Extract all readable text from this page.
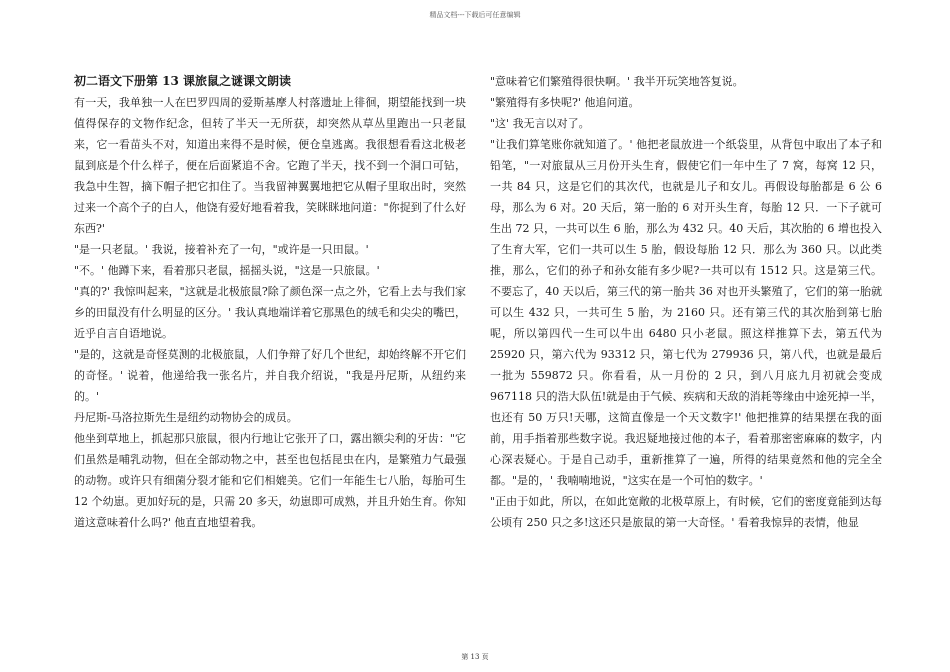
精品文档---下载后可任意编辑
初二语文下册第 13 课旅鼠之谜课文朗读

有一天，我单独一人在巴罗四周的爱斯基摩人村落遗址上徘徊，期望能找到一块值得保存的文物作纪念，但转了半天一无所获，却突然从草丛里跑出一只老鼠来，它一看苗头不对，知道出来得不是时候，便仓皇逃离。我很想看看这北极老鼠到底是个什么样子，便在后面紧追不舍。它跑了半天，找不到一个洞口可钻，我急中生智，摘下帽子把它扣住了。当我留神翼翼地把它从帽子里取出时，突然过来一个高个子的白人，他饶有爱好地看着我，笑眯眯地问道："你捉到了什么好东西?'

"是一只老鼠。' 我说，接着补充了一句，"或许是一只田鼠。'

"不。' 他蹲下来，看着那只老鼠，摇摇头说，"这是一只旅鼠。'

"真的?' 我惊叫起来，"这就是北极旅鼠?除了颜色深一点之外，它看上去与我们家乡的田鼠没有什么明显的区分。' 我认真地端详着它那黑色的绒毛和尖尖的嘴巴，近乎自言自语地说。

"是的，这就是奇怪莫测的北极旅鼠，人们争辩了好几个世纪，却始终解不开它们的奇怪。' 说着，他递给我一张名片，并自我介绍说，"我是丹尼斯，从纽约来的。'

丹尼斯-马洛拉斯先生是纽约动物协会的成员。

他坐到草地上，抓起那只旅鼠，很内行地让它张开了口，露出额尖利的牙齿："它们虽然是哺乳动物，但在全部动物之中，甚至也包括昆虫在内，是繁殖力气最强的动物。或许只有细菌分裂才能和它们相媲美。它们一年能生七八胎，每胎可生 12 个幼崽。更加好玩的是，只需 20 多天，幼崽即可成熟，并且升始生育。你知道这意味着什么吗?' 他直直地望着我。

"意味着它们繁殖得很快啊。' 我半开玩笑地答复说。

"繁殖得有多快呢?' 他追问道。

"这' 我无言以对了。

"让我们算笔账你就知道了。' 他把老鼠放进一个纸袋里，从背包中取出了本子和铅笔，"一对旅鼠从三月份开头生育，假使它们一年中生了 7 窝，每窝 12 只，一共 84 只，这是它们的其次代，也就是儿子和女儿。再假设每胎都是 6 公 6 母，那么为 6 对。20 天后，第一胎的 6 对开头生育，每胎 12 只．一下子就可生出 72 只，一共可以生 6 胎，那么为 432 只。40 天后，其次胎的 6 增也投入了生育大军，它们一共可以生 5 胎，假设每胎 12 只．那么为 360 只。以此类推，那么，它们的孙子和孙女能有多少呢?一共可以有 1512 只。这是第三代。不要忘了，40 天以后，第三代的第一胎共 36 对也开头繁殖了，它们的第一胎就可以生 432 只，一共可生 5 胎，为 2160 只。还有第三代的其次胎到第七胎呢，所以第四代一生可以牛出 6480 只小老鼠。照这样推算下去，第五代为 25920 只，第六代为 93312 只，第七代为 279936 只，第八代，也就是最后一批为 559872 只。你看看，从一月份的 2 只，到八月底九月初就会变成 967118 只的浩大队伍!就是由于气候、疾病和天敌的消耗等缘由中途死掉一半，也还有 50 万只!天哪，这简直像是一个天文数字!' 他把推算的结果摆在我的面前，用手指着那些数字说。我迟疑地接过他的本子，看着那密密麻麻的数字，内心深表疑心。于是自己动手，重新推算了一遍，所得的结果竟然和他的完全全都。"是的，' 我喃喃地说，"这实在是一个可怕的数字。'

"正由于如此，所以，在如此宽敞的北极草原上，有时候，它们的密度竟能到达每公顷有 250 只之多!这还只是旅鼠的第一大奇怪。' 看着我惊异的表情，他显

第 13 页
